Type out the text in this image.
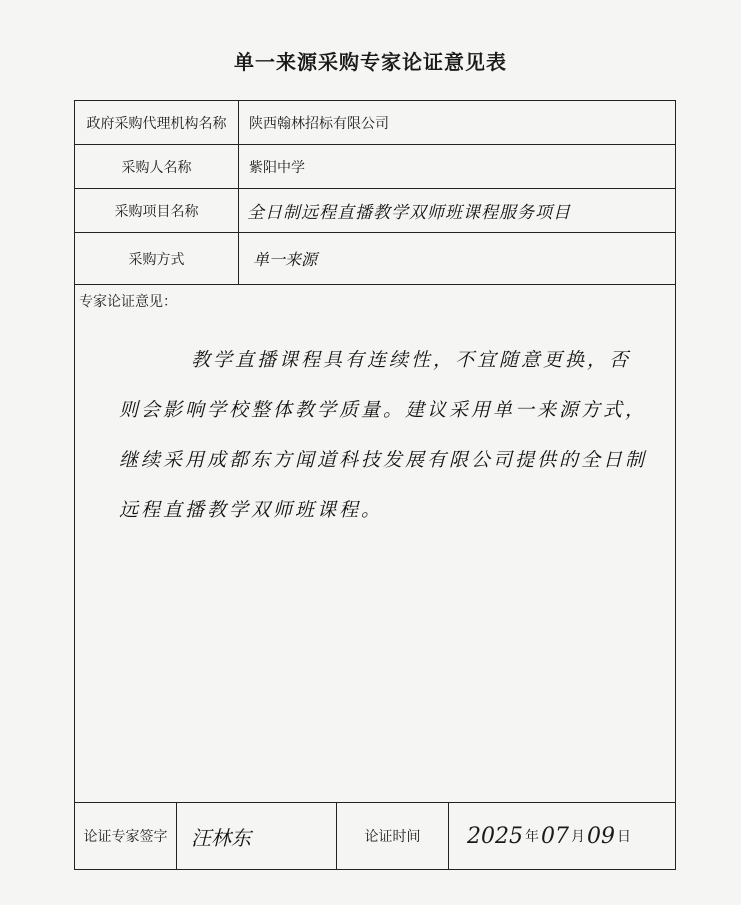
单一来源采购专家论证意见表
政府采购代理机构名称	陕西翰林招标有限公司
采购人名称	紫阳中学
采购项目名称	全日制远程直播教学双师班课程服务项目
采购方式	单一来源
专家论证意见：
教学直播课程具有连续性，不宜随意更换，否则会影响学校整体教学质量。建议采用单一来源方式，继续采用成都东方闻道科技发展有限公司提供的全日制远程直播教学双师班课程。
论证专家签字	汪林东	论证时间	2025 年 07 月 09 日
